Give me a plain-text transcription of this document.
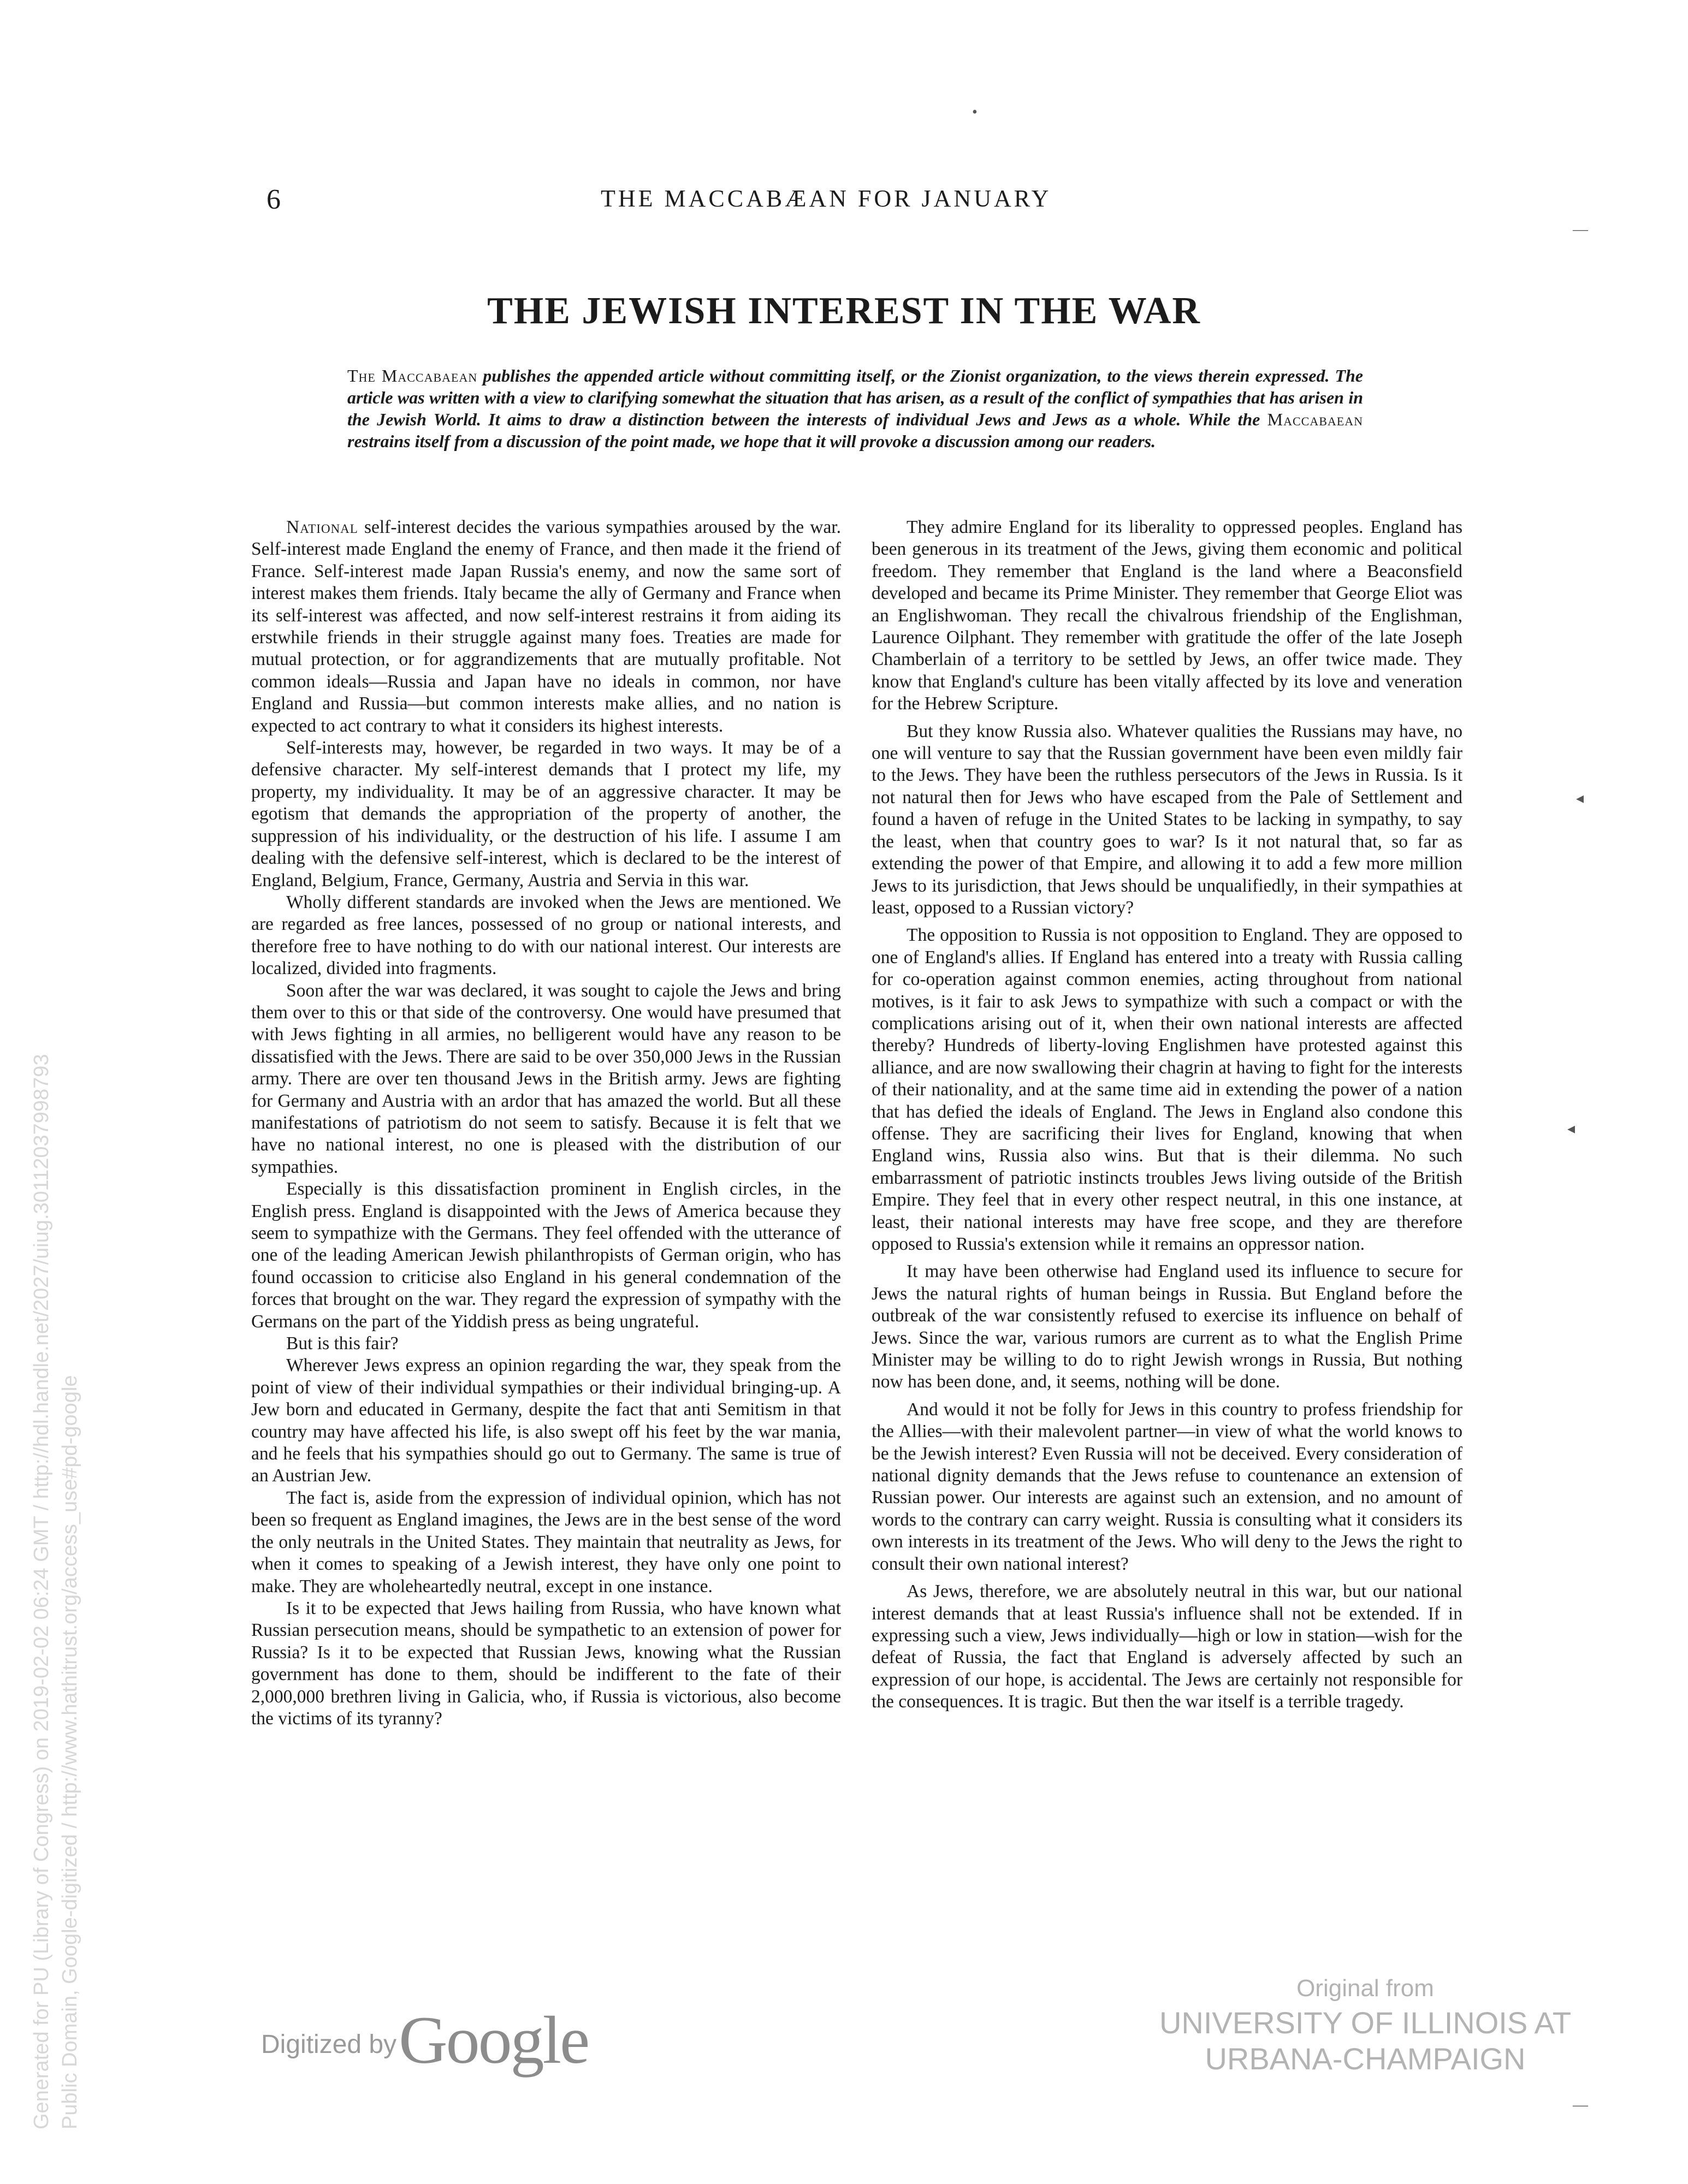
6	THE MACCABÆAN FOR JANUARY
THE JEWISH INTEREST IN THE WAR
The Maccabaean publishes the appended article without committing itself, or the Zionist organization, to the views therein expressed. The article was written with a view to clarifying somewhat the situation that has arisen, as a result of the conflict of sympathies that has arisen in the Jewish World. It aims to draw a distinction between the interests of individual Jews and Jews as a whole. While the Maccabaean restrains itself from a discussion of the point made, we hope that it will provoke a discussion among our readers.

National self-interest decides the various sympathies aroused by the war. Self-interest made England the enemy of France, and then made it the friend of France. Self-interest made Japan Russia's enemy, and now the same sort of interest makes them friends. Italy became the ally of Germany and France when its self-interest was affected, and now self-interest restrains it from aiding its erstwhile friends in their struggle against many foes. Treaties are made for mutual protection, or for aggrandizements that are mutually profitable. Not common ideals—Russia and Japan have no ideals in common, nor have England and Russia—but common interests make allies, and no nation is expected to act contrary to what it considers its highest interests.

Self-interests may, however, be regarded in two ways. It may be of a defensive character. My self-interest demands that I protect my life, my property, my individuality. It may be of an aggressive character. It may be egotism that demands the appropriation of the property of another, the suppression of his individuality, or the destruction of his life. I assume I am dealing with the defensive self-interest, which is declared to be the interest of England, Belgium, France, Germany, Austria and Servia in this war.

Wholly different standards are invoked when the Jews are mentioned. We are regarded as free lances, possessed of no group or national interests, and therefore free to have nothing to do with our national interest. Our interests are localized, divided into fragments.

Soon after the war was declared, it was sought to cajole the Jews and bring them over to this or that side of the controversy. One would have presumed that with Jews fighting in all armies, no belligerent would have any reason to be dissatisfied with the Jews. There are said to be over 350,000 Jews in the Russian army. There are over ten thousand Jews in the British army. Jews are fighting for Germany and Austria with an ardor that has amazed the world. But all these manifestations of patriotism do not seem to satisfy. Because it is felt that we have no national interest, no one is pleased with the distribution of our sympathies.

Especially is this dissatisfaction prominent in English circles, in the English press. England is disappointed with the Jews of America because they seem to sympathize with the Germans. They feel offended with the utterance of one of the leading American Jewish philanthropists of German origin, who has found occassion to criticise also England in his general condemnation of the forces that brought on the war. They regard the expression of sympathy with the Germans on the part of the Yiddish press as being ungrateful.

But is this fair?

Wherever Jews express an opinion regarding the war, they speak from the point of view of their individual sympathies or their individual bringing-up. A Jew born and educated in Germany, despite the fact that anti Semitism in that country may have affected his life, is also swept off his feet by the war mania, and he feels that his sympathies should go out to Germany. The same is true of an Austrian Jew.

The fact is, aside from the expression of individual opinion, which has not been so frequent as England imagines, the Jews are in the best sense of the word the only neutrals in the United States. They maintain that neutrality as Jews, for when it comes to speaking of a Jewish interest, they have only one point to make. They are wholeheartedly neutral, except in one instance.

Is it to be expected that Jews hailing from Russia, who have known what Russian persecution means, should be sympathetic to an extension of power for Russia? Is it to be expected that Russian Jews, knowing what the Russian government has done to them, should be indifferent to the fate of their 2,000,000 brethren living in Galicia, who, if Russia is victorious, also become the victims of its tyranny?

They admire England for its liberality to oppressed peoples. England has been generous in its treatment of the Jews, giving them economic and political freedom. They remember that England is the land where a Beaconsfield developed and became its Prime Minister. They remember that George Eliot was an Englishwoman. They recall the chivalrous friendship of the Englishman, Laurence Oilphant. They remember with gratitude the offer of the late Joseph Chamberlain of a territory to be settled by Jews, an offer twice made. They know that England's culture has been vitally affected by its love and veneration for the Hebrew Scripture.

But they know Russia also. Whatever qualities the Russians may have, no one will venture to say that the Russian government have been even mildly fair to the Jews. They have been the ruthless persecutors of the Jews in Russia. Is it not natural then for Jews who have escaped from the Pale of Settlement and found a haven of refuge in the United States to be lacking in sympathy, to say the least, when that country goes to war? Is it not natural that, so far as extending the power of that Empire, and allowing it to add a few more million Jews to its jurisdiction, that Jews should be unqualifiedly, in their sympathies at least, opposed to a Russian victory?

The opposition to Russia is not opposition to England. They are opposed to one of England's allies. If England has entered into a treaty with Russia calling for co-operation against common enemies, acting throughout from national motives, is it fair to ask Jews to sympathize with such a compact or with the complications arising out of it, when their own national interests are affected thereby? Hundreds of liberty-loving Englishmen have protested against this alliance, and are now swallowing their chagrin at having to fight for the interests of their nationality, and at the same time aid in extending the power of a nation that has defied the ideals of England. The Jews in England also condone this offense. They are sacrificing their lives for England, knowing that when England wins, Russia also wins. But that is their dilemma. No such embarrassment of patriotic instincts troubles Jews living outside of the British Empire. They feel that in every other respect neutral, in this one instance, at least, their national interests may have free scope, and they are therefore opposed to Russia's extension while it remains an oppressor nation.

It may have been otherwise had England used its influence to secure for Jews the natural rights of human beings in Russia. But England before the outbreak of the war consistently refused to exercise its influence on behalf of Jews. Since the war, various rumors are current as to what the English Prime Minister may be willing to do to right Jewish wrongs in Russia, But nothing now has been done, and, it seems, nothing will be done.

And would it not be folly for Jews in this country to profess friendship for the Allies—with their malevolent partner—in view of what the world knows to be the Jewish interest? Even Russia will not be deceived. Every consideration of national dignity demands that the Jews refuse to countenance an extension of Russian power. Our interests are against such an extension, and no amount of words to the contrary can carry weight. Russia is consulting what it considers its own interests in its treatment of the Jews. Who will deny to the Jews the right to consult their own national interest?

As Jews, therefore, we are absolutely neutral in this war, but our national interest demands that at least Russia's influence shall not be extended. If in expressing such a view, Jews individually—high or low in station—wish for the defeat of Russia, the fact that England is adversely affected by such an expression of our hope, is accidental. The Jews are certainly not responsible for the consequences. It is tragic. But then the war itself is a terrible tragedy.

Generated for PU (Library of Congress) on 2019-02-02 06:24 GMT / http://hdl.handle.net/2027/uiug.30112037998793 Public Domain, Google-digitized / http://www.hathitrust.org/access_use#pd-google	Digitized by Google
Original from
UNIVERSITY OF ILLINOIS AT
URBANA-CHAMPAIGN
•
—
◂
◂
—
